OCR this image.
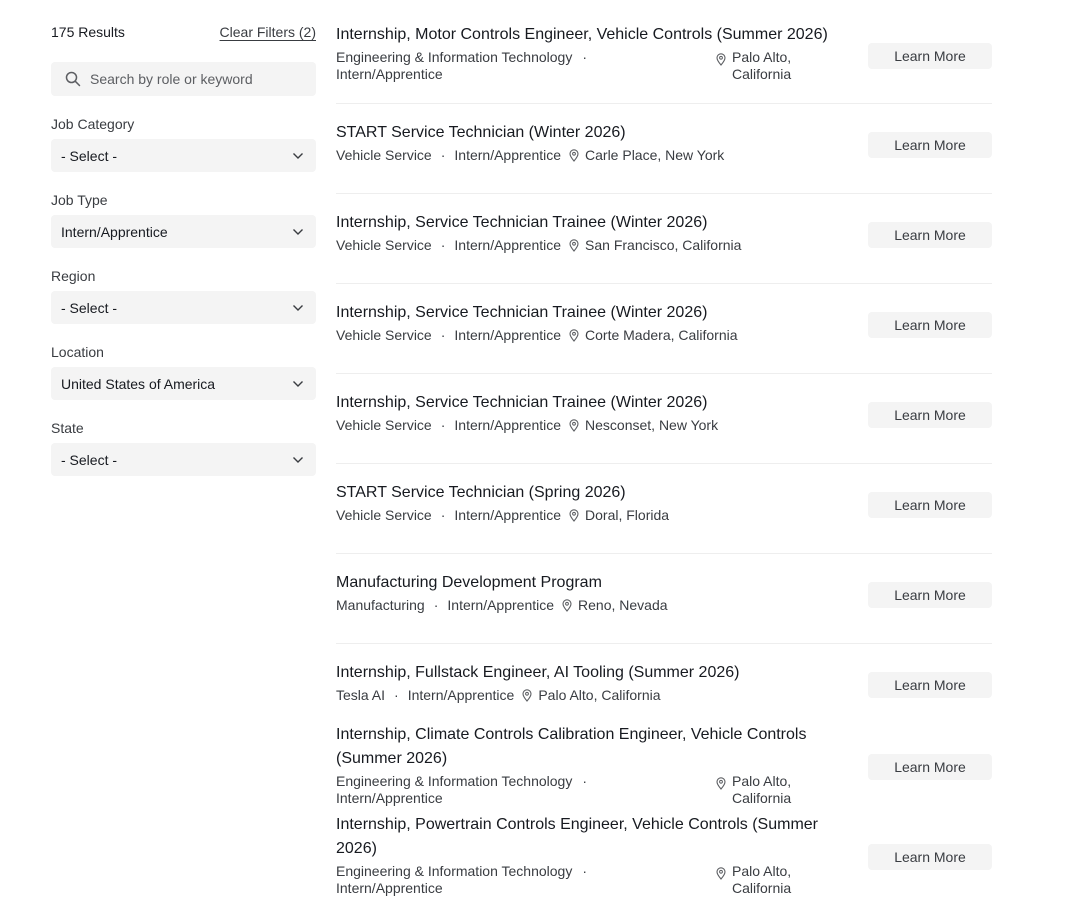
175 Results	Clear Filters (2)
Search by role or keyword
Job Category
- Select -
Job Type
Intern/Apprentice
Region
- Select -
Location
United States of America
State
- Select -
Internship, Motor Controls Engineer, Vehicle Controls (Summer 2026)
Engineering & Information Technology ·
Intern/Apprentice
Palo Alto,
California
Learn More
START Service Technician (Winter 2026)
Vehicle Service · Intern/Apprentice Carle Place, New York
Learn More
Internship, Service Technician Trainee (Winter 2026)
Vehicle Service · Intern/Apprentice San Francisco, California
Learn More
Internship, Service Technician Trainee (Winter 2026)
Vehicle Service · Intern/Apprentice Corte Madera, California
Learn More
Internship, Service Technician Trainee (Winter 2026)
Vehicle Service · Intern/Apprentice Nesconset, New York
Learn More
START Service Technician (Spring 2026)
Vehicle Service · Intern/Apprentice Doral, Florida
Learn More
Manufacturing Development Program
Manufacturing · Intern/Apprentice Reno, Nevada
Learn More
Internship, Fullstack Engineer, AI Tooling (Summer 2026)
Tesla AI · Intern/Apprentice Palo Alto, California
Learn More
Internship, Climate Controls Calibration Engineer, Vehicle Controls
(Summer 2026)
Engineering & Information Technology ·
Intern/Apprentice
Palo Alto,
California
Learn More
Internship, Powertrain Controls Engineer, Vehicle Controls (Summer
2026)
Engineering & Information Technology ·
Intern/Apprentice
Palo Alto,
California
Learn More
